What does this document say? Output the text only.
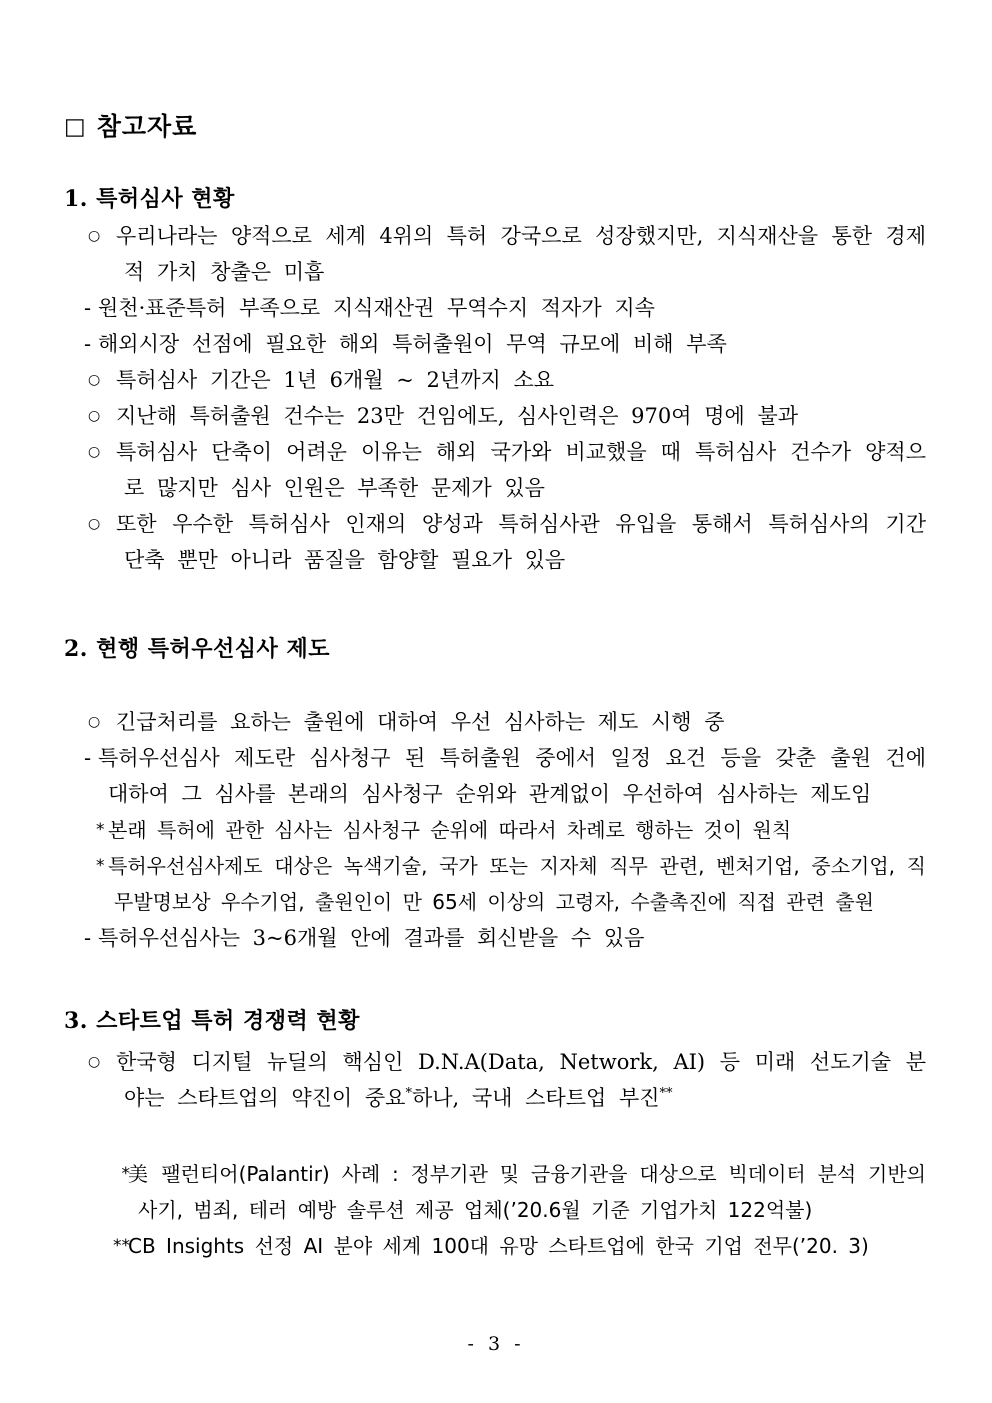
□ 참고자료
1. 특허심사 현황
○ 우리나라는 양적으로 세계 4위의 특허 강국으로 성장했지만, 지식재산을 통한 경제적 가치 창출은 미흡

- 원천·표준특허 부족으로 지식재산권 무역수지 적자가 지속

- 해외시장 선점에 필요한 해외 특허출원이 무역 규모에 비해 부족

○ 특허심사 기간은 1년 6개월 ~ 2년까지 소요

○ 지난해 특허출원 건수는 23만 건임에도, 심사인력은 970여 명에 불과

○ 특허심사 단축이 어려운 이유는 해외 국가와 비교했을 때 특허심사 건수가 양적으로 많지만 심사 인원은 부족한 문제가 있음

○ 또한 우수한 특허심사 인재의 양성과 특허심사관 유입을 통해서 특허심사의 기간 단축 뿐만 아니라 품질을 함양할 필요가 있음

2. 현행 특허우선심사 제도
○ 긴급처리를 요하는 출원에 대하여 우선 심사하는 제도 시행 중

- 특허우선심사 제도란 심사청구 된 특허출원 중에서 일정 요건 등을 갖춘 출원 건에 대하여 그 심사를 본래의 심사청구 순위와 관계없이 우선하여 심사하는 제도임

* 본래 특허에 관한 심사는 심사청구 순위에 따라서 차례로 행하는 것이 원칙

* 특허우선심사제도 대상은 녹색기술, 국가 또는 지자체 직무 관련, 벤처기업, 중소기업, 직무발명보상 우수기업, 출원인이 만 65세 이상의 고령자, 수출촉진에 직접 관련 출원

- 특허우선심사는 3~6개월 안에 결과를 회신받을 수 있음

3. 스타트업 특허 경쟁력 현황
○ 한국형 디지털 뉴딜의 핵심인 D.N.A(Data, Network, AI) 등 미래 선도기술 분야는 스타트업의 약진이 중요*하나, 국내 스타트업 부진**

*

美 팰런티어(Palantir) 사례 : 정부기관 및 금융기관을 대상으로 빅데이터 분석 기반의 사기, 범죄, 테러 예방 솔루션 제공 업체(’20.6월 기준 기업가치 122억불)

**

CB Insights 선정 AI 분야 세계 100대 유망 스타트업에 한국 기업 전무(’20. 3)

- 3 -
